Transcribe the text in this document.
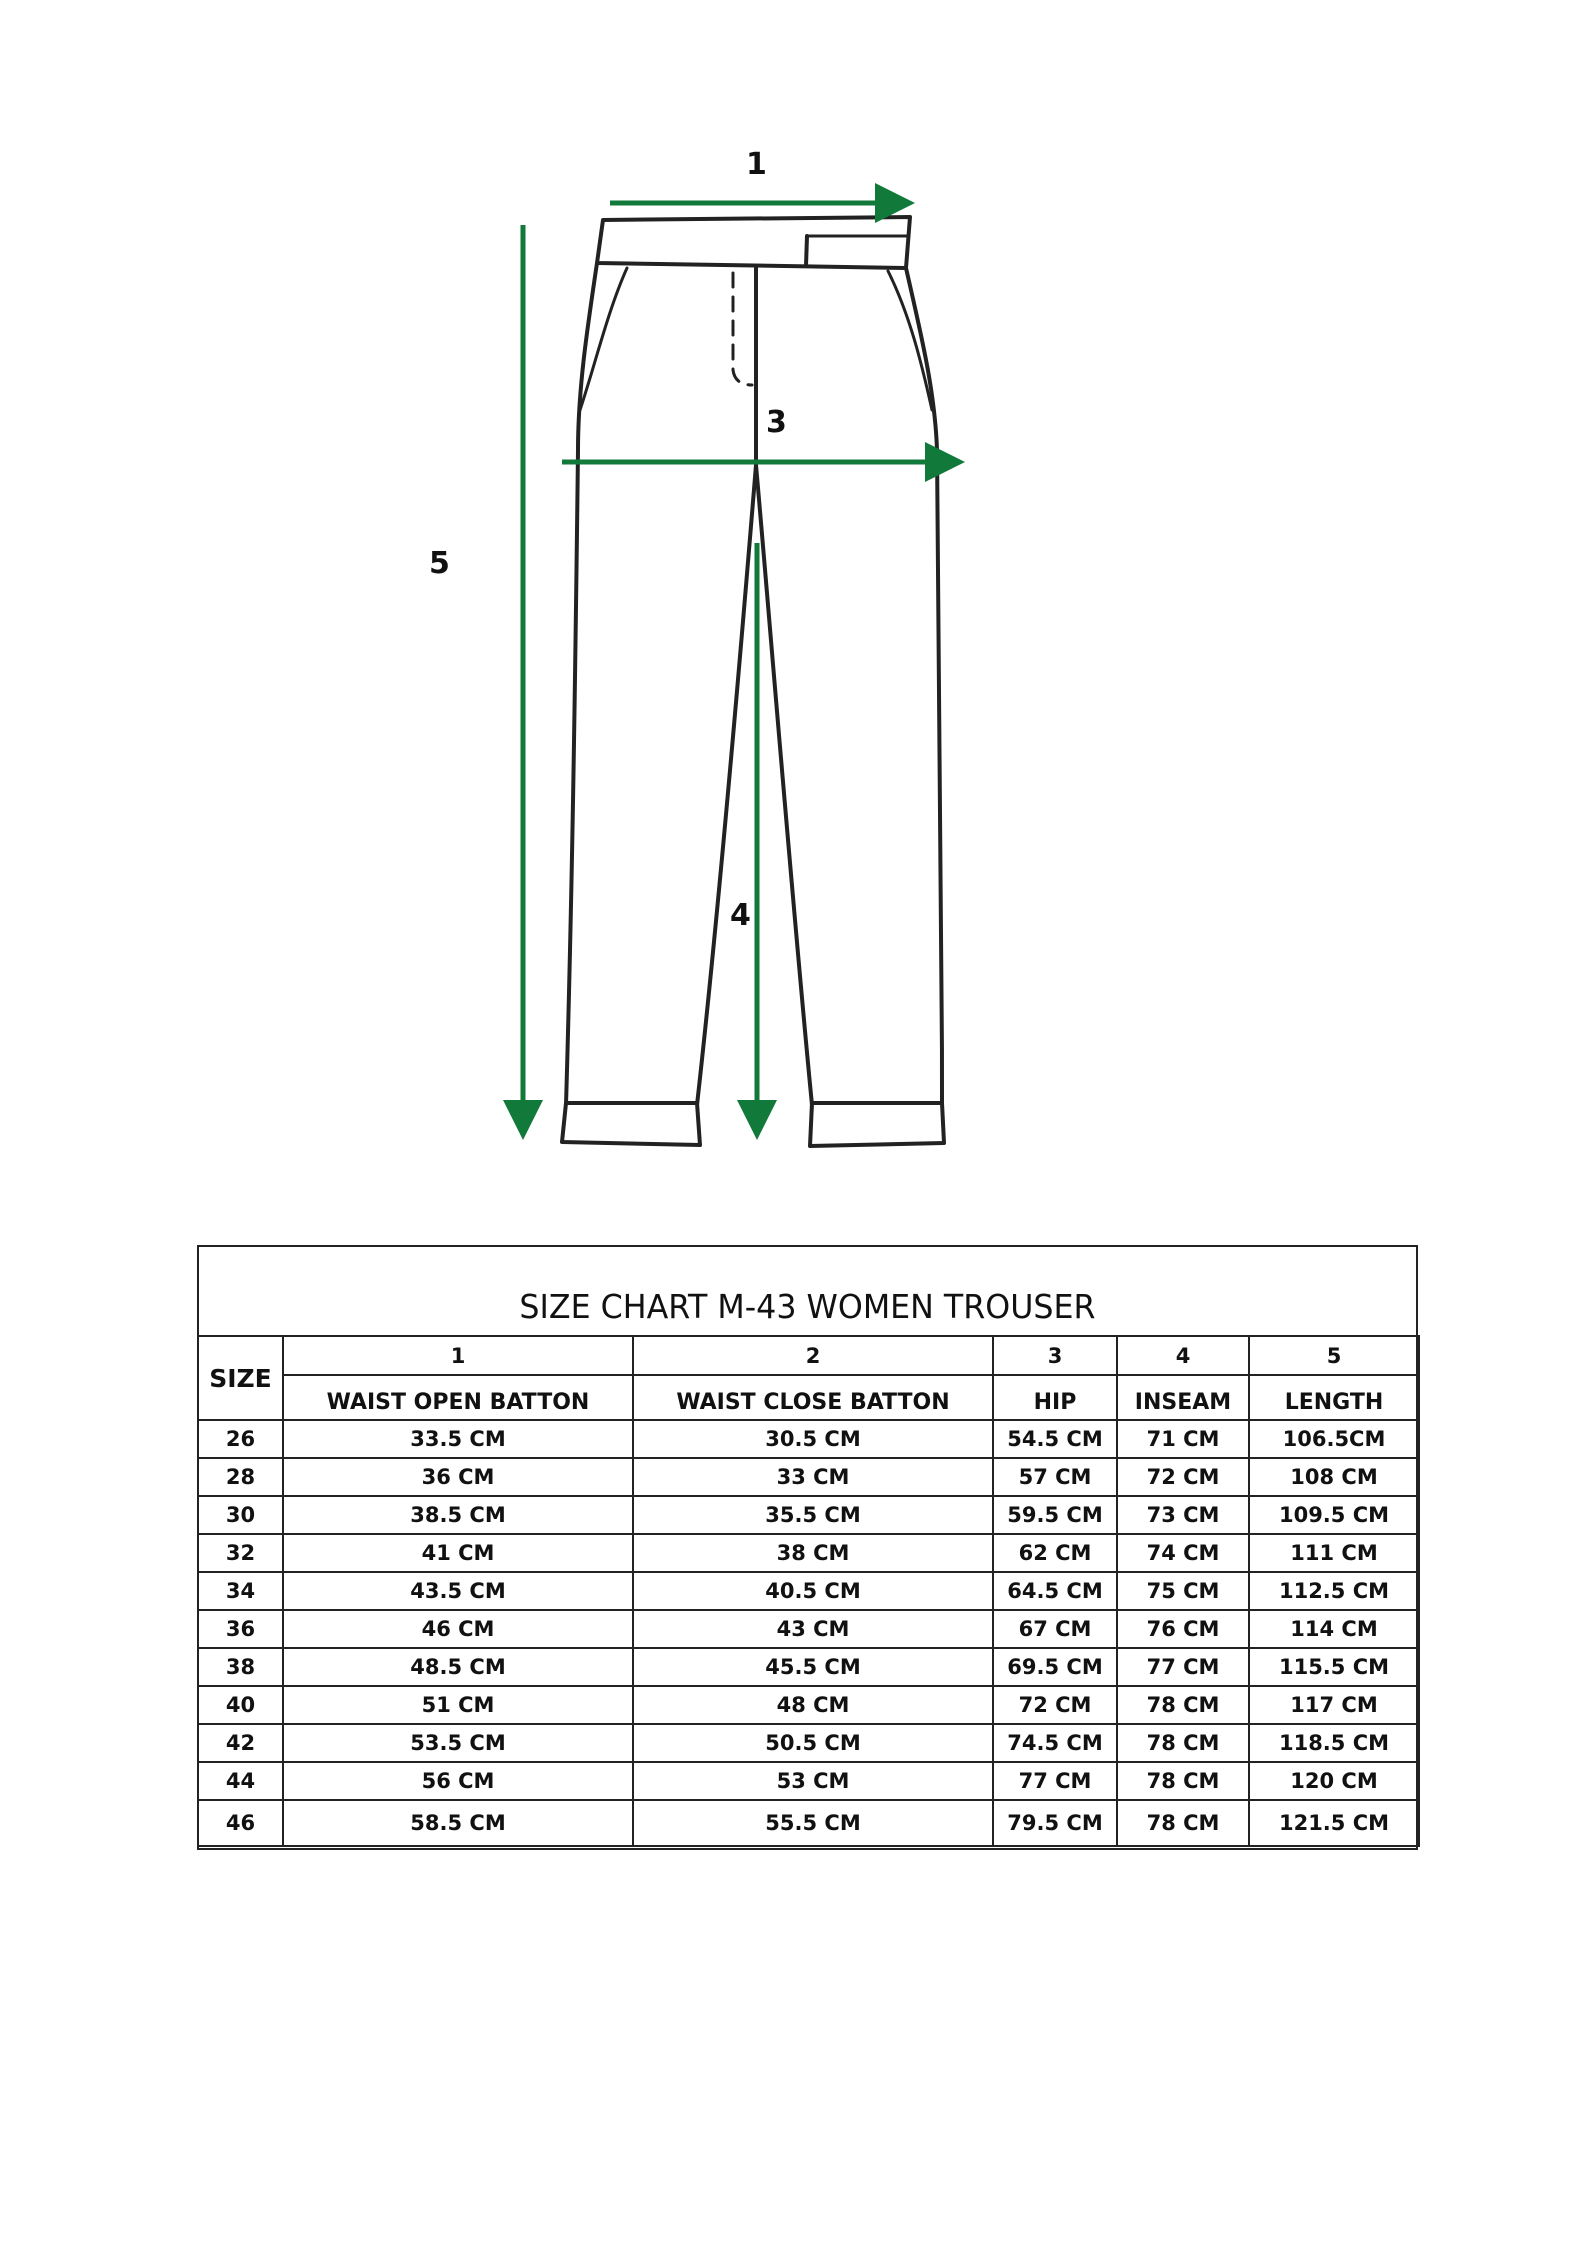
1
3
4
5
SIZE CHART M-43 WOMEN TROUSER
SIZE	1	2	3	4	5
	WAIST OPEN BATTON	WAIST CLOSE BATTON	HIP	INSEAM	LENGTH
26	33.5 CM	30.5 CM	54.5 CM	71 CM	106.5CM
28	36 CM	33 CM	57 CM	72 CM	108 CM
30	38.5 CM	35.5 CM	59.5 CM	73 CM	109.5 CM
32	41 CM	38 CM	62 CM	74 CM	111 CM
34	43.5 CM	40.5 CM	64.5 CM	75 CM	112.5 CM
36	46 CM	43 CM	67 CM	76 CM	114 CM
38	48.5 CM	45.5 CM	69.5 CM	77 CM	115.5 CM
40	51 CM	48 CM	72 CM	78 CM	117 CM
42	53.5 CM	50.5 CM	74.5 CM	78 CM	118.5 CM
44	56 CM	53 CM	77 CM	78 CM	120 CM
46	58.5 CM	55.5 CM	79.5 CM	78 CM	121.5 CM
